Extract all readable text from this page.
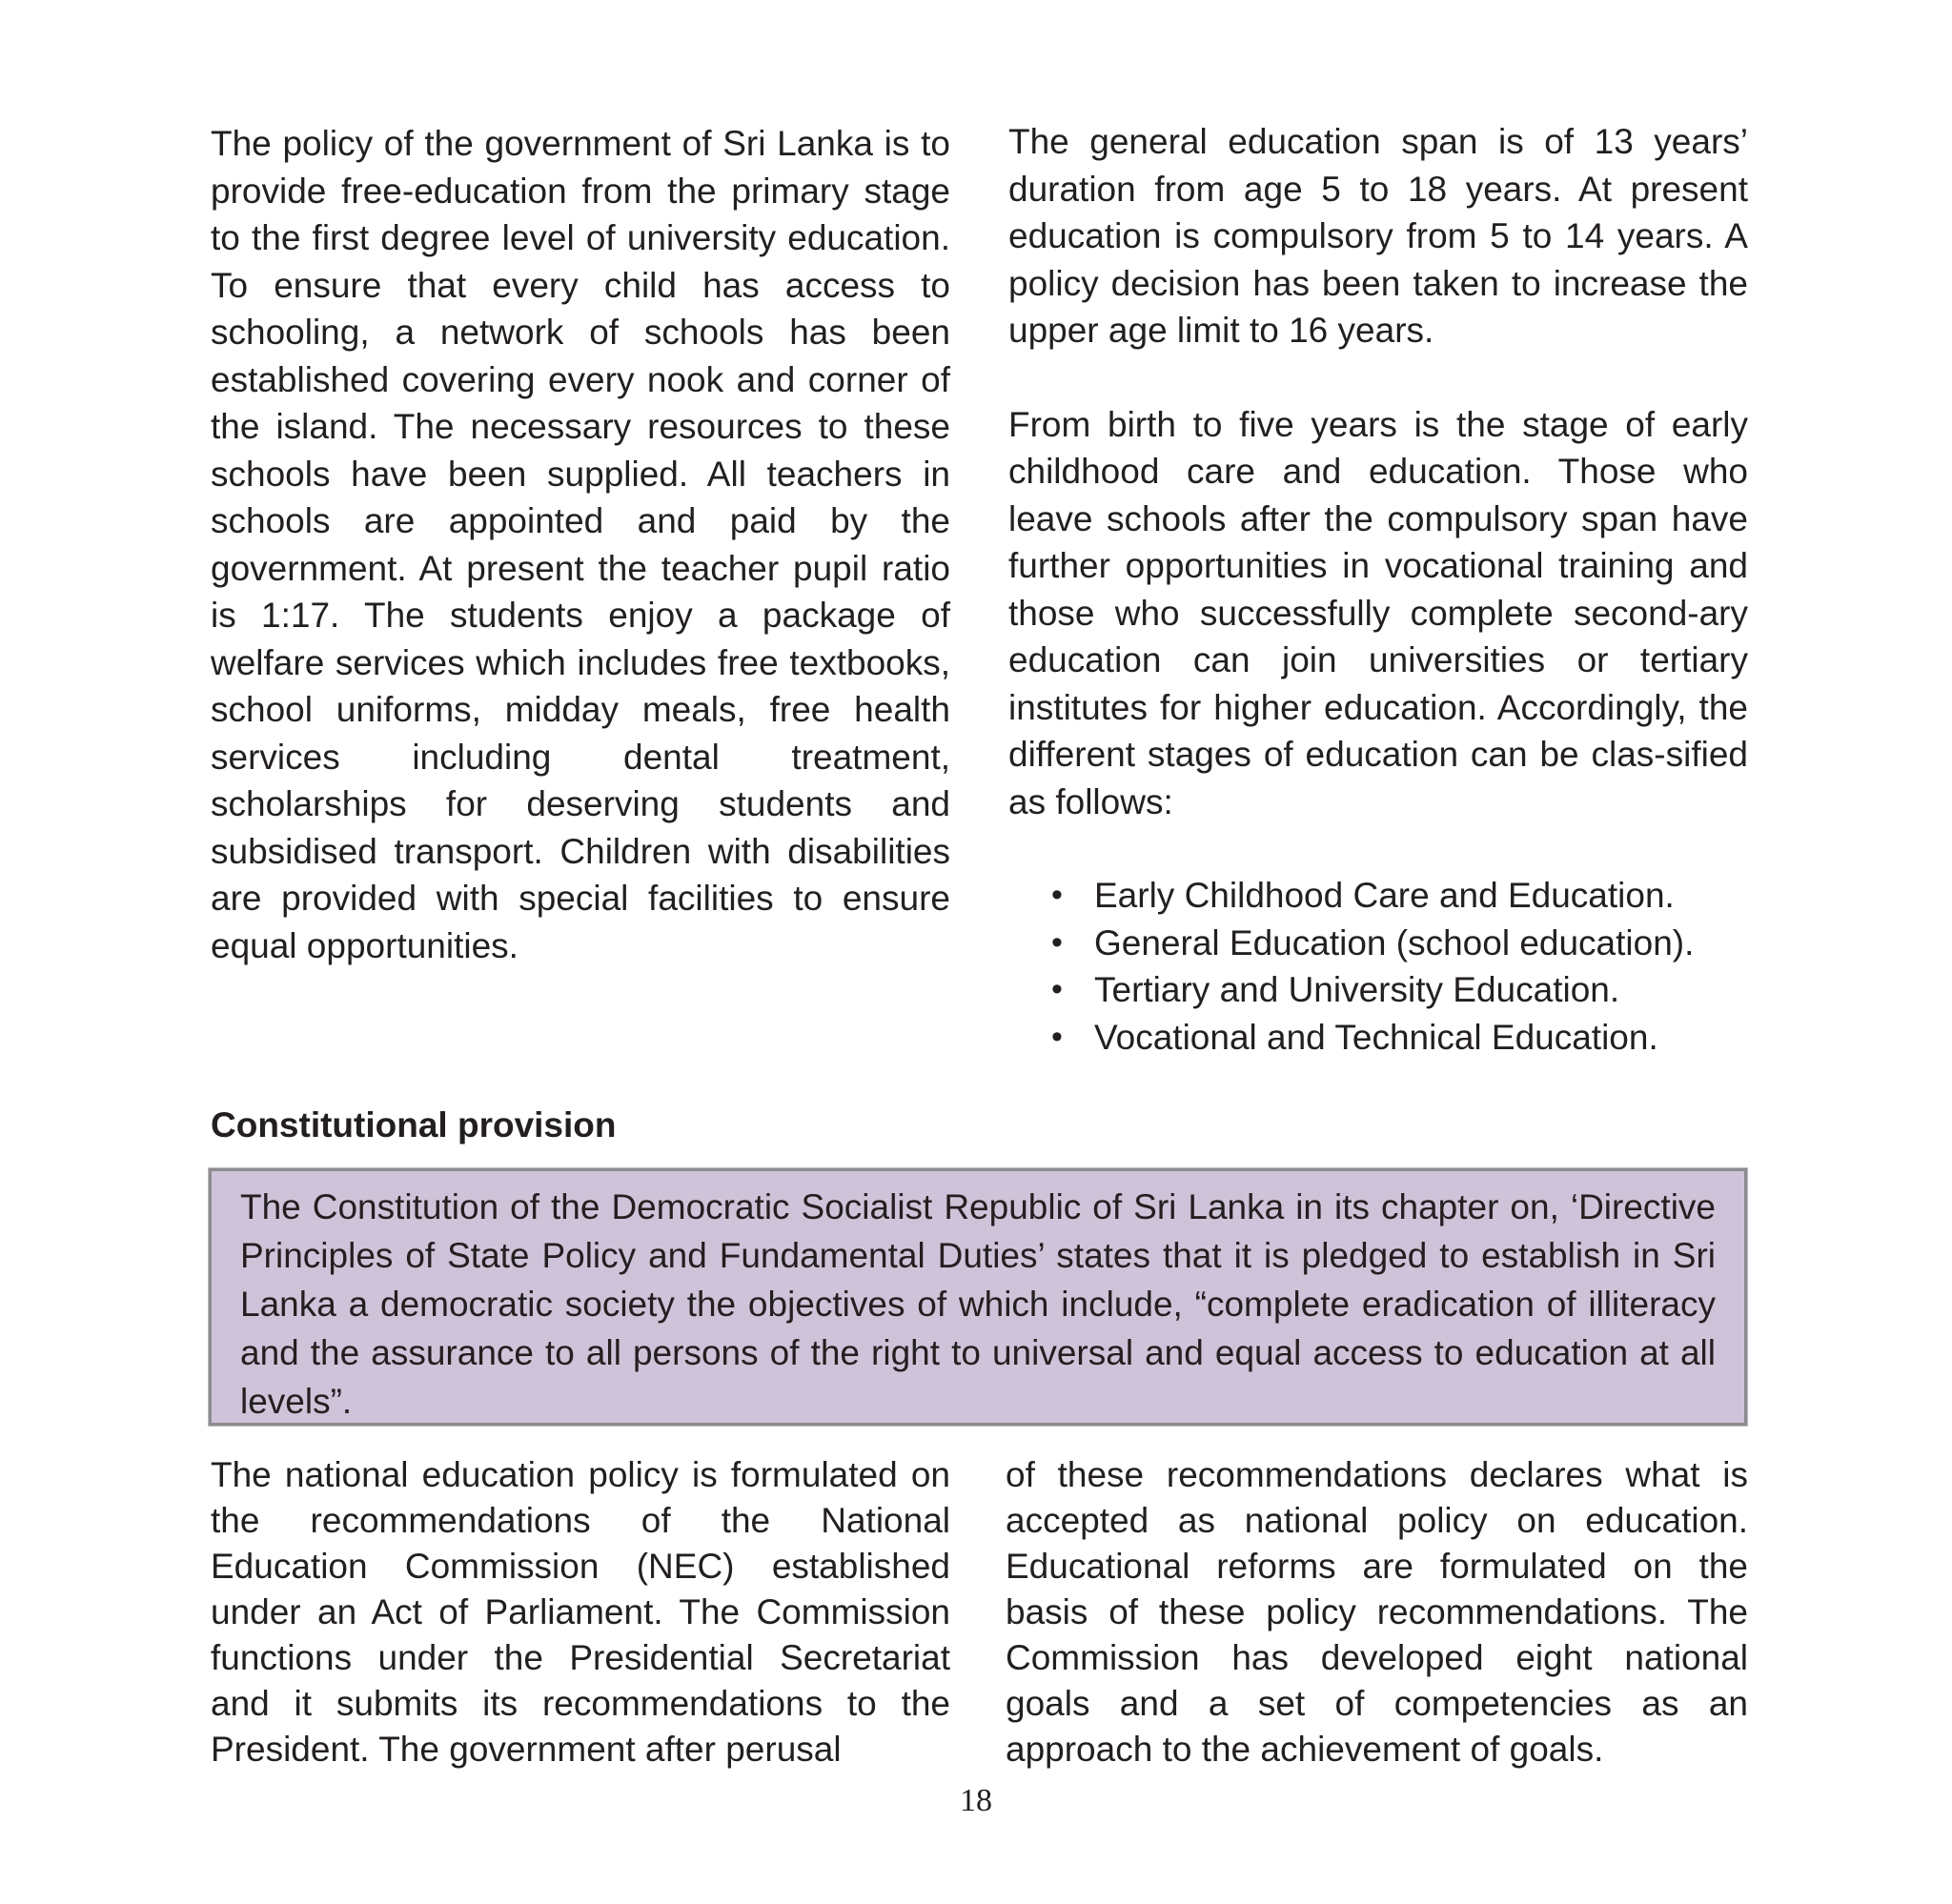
The policy of the government of Sri Lanka is to provide free-education from the primary stage to the first degree level of university education. To ensure that every child has access to schooling, a network of schools has been established covering every nook and corner of the island. The necessary resources to these schools have been supplied. All teachers in schools are appointed and paid by the government. At present the teacher pupil ratio is 1:17. The students enjoy a package of welfare services which includes free textbooks, school uniforms, midday meals, free health services including dental treatment, scholarships for deserving students and subsidised transport. Children with disabilities are provided with special facilities to ensure equal opportunities.

The general education span is of 13 years’ duration from age 5 to 18 years. At present education is compulsory from 5 to 14 years. A policy decision has been taken to increase the upper age limit to 16 years.

From birth to five years is the stage of early childhood care and education. Those who leave schools after the compulsory span have further opportunities in vocational training and those who successfully complete second-ary education can join universities or tertiary institutes for higher education. Accordingly, the different stages of education can be clas-sified as follows:

• Early Childhood Care and Education.
• General Education (school education).
• Tertiary and University Education.
• Vocational and Technical Education.
Constitutional provision

The Constitution of the Democratic Socialist Republic of Sri Lanka in its chapter on, ‘Directive Principles of State Policy and Fundamental Duties’ states that it is pledged to establish in Sri Lanka a democratic society the objectives of which include, “complete eradication of illiteracy and the assurance to all persons of the right to universal and equal access to education at all levels”.

The national education policy is formulated on the recommendations of the National Education Commission (NEC) established under an Act of Parliament. The Commission functions under the Presidential Secretariat and it submits its recommendations to the President. The government after perusal

of these recommendations declares what is accepted as national policy on education. Educational reforms are formulated on the basis of these policy recommendations. The Commission has developed eight national goals and a set of competencies as an approach to the achievement of goals.

18
